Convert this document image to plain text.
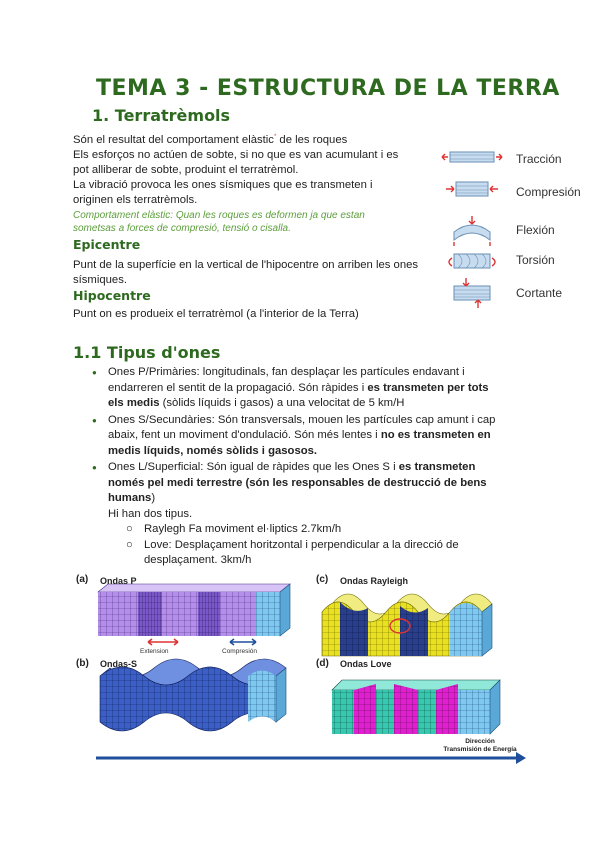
TEMA 3 - ESTRUCTURA DE LA TERRA
1. Terratrèmols

Són el resultat del comportament elàstic* de les roques

Els esforços no actúen de sobte, si no que es van acumulant i es

pot alliberar de sobte, produint el terratrèmol.

La vibració provoca les ones sísmiques que es transmeten i

originen els terratrèmols.

Comportament elàstic: Quan les roques es deformen ja que estan

sometsas a forces de compresió, tensió o cisalla.

Epicentre

Punt de la superfície en la vertical de l'hipocentre on arriben les ones

sísmiques.

Hipocentre

Punt on es produeix el terratrèmol (a l'interior de la Terra)

Tracción
Compresión
Flexión
Torsión
Cortante
1.1 Tipus d'ones
● Ones P/Primàries: longitudinals, fan desplaçar les partícules endavant i
endarreren el sentit de la propagació. Són ràpides i es transmeten per tots
els medis (sòlids líquids i gasos) a una velocitat de 5 km/H
● Ones S/Secundàries: Són transversals, mouen les partícules cap amunt i cap
abaix, fent un moviment d'ondulació. Són més lentes i no es transmeten en
medis líquids, només sòlids i gasosos.
● Ones L/Superficial: Són igual de ràpides que les Ones S i es transmeten
només pel medi terrestre (són les responsables de destrucció de bens
humans)
Hi han dos tipus.
○ Raylegh Fa moviment el·liptics 2.7km/h
○ Love: Desplaçament horitzontal i perpendicular a la direcció de
desplaçament. 3km/h
(a) Ondas P
Extension	Compresión
(b) Ondas-S
(c) Ondas Rayleigh
(d) Ondas Love
Dirección
Transmisión de Energía
